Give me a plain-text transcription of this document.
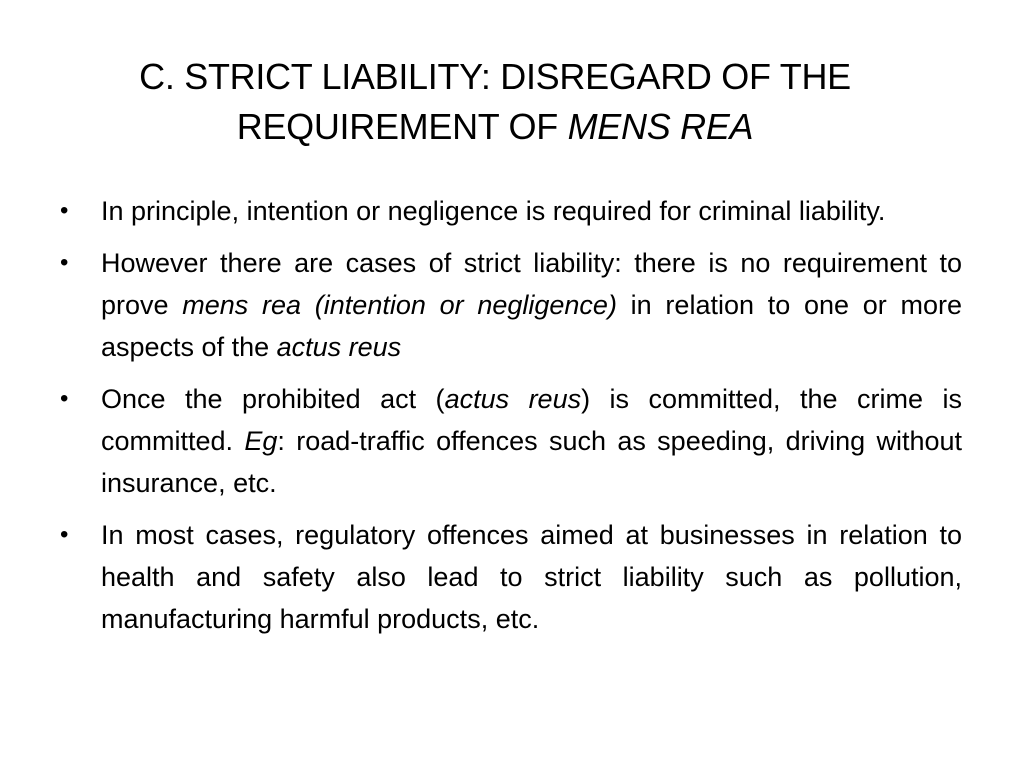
C. STRICT LIABILITY: DISREGARD OF THE
REQUIREMENT OF MENS REA
• In principle, intention or negligence is required for criminal liability.
• However there are cases of strict liability: there is no requirement to prove mens rea (intention or negligence) in relation to one or more aspects of the actus reus
• Once the prohibited act (actus reus) is committed, the crime is committed. Eg: road-traffic offences such as speeding, driving without insurance, etc.
• In most cases, regulatory offences aimed at businesses in relation to health and safety also lead to strict liability such as pollution, manufacturing harmful products, etc.
